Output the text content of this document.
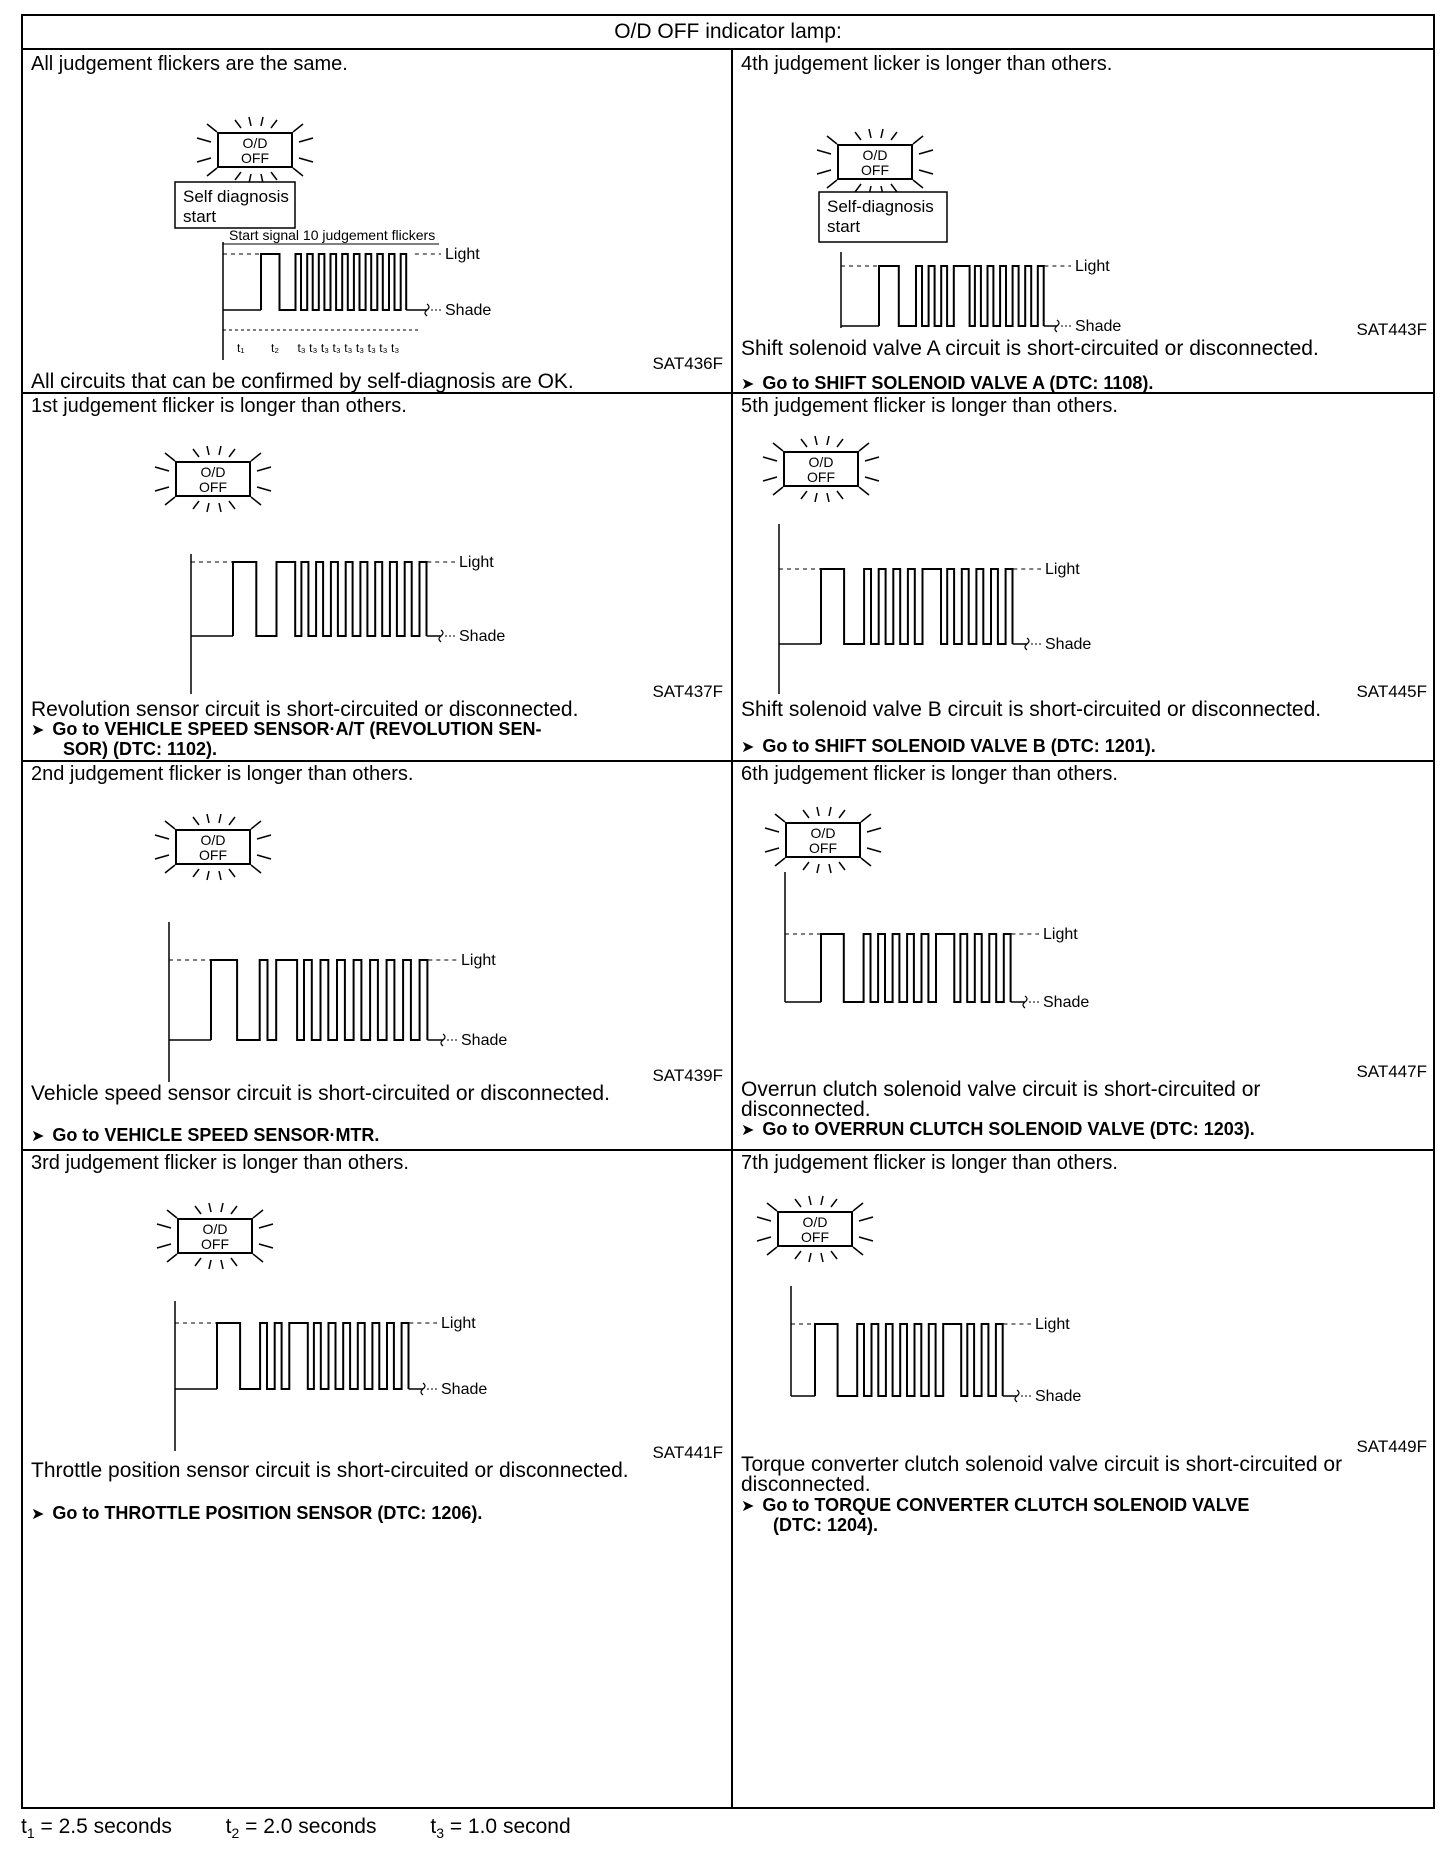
O/D OFF indicator lamp:
All judgement flickers are the same.
O/D
OFF
Self diagnosis
start
Light
Shade
Start signal 10 judgement flickers
t₁ t₂ t₃ t₃ t₃ t₃ t₃ t₃ t₃ t₃ t₃
SAT436F
All circuits that can be confirmed by self-diagnosis are OK.
4th judgement licker is longer than others.
O/D
OFF
Self-diagnosis
start
Light
Shade	SAT443F
Shift solenoid valve A circuit is short-circuited or disconnected.
➤ Go to SHIFT SOLENOID VALVE A (DTC: 1108).
1st judgement flicker is longer than others.
O/D
OFF
Light
Shade
SAT437F
Revolution sensor circuit is short-circuited or disconnected.
➤ Go to VEHICLE SPEED SENSOR·A/T (REVOLUTION SEN-
SOR) (DTC: 1102).
5th judgement flicker is longer than others.
O/D
OFF
Light
Shade
SAT445F
Shift solenoid valve B circuit is short-circuited or disconnected.
➤ Go to SHIFT SOLENOID VALVE B (DTC: 1201).
2nd judgement flicker is longer than others.
O/D
OFF
Light
Shade
SAT439F
Vehicle speed sensor circuit is short-circuited or disconnected.
➤ Go to VEHICLE SPEED SENSOR·MTR.
6th judgement flicker is longer than others.
O/D
OFF
Light
Shade
SAT447F
Overrun clutch solenoid valve circuit is short-circuited or disconnected.
➤ Go to OVERRUN CLUTCH SOLENOID VALVE (DTC: 1203).
3rd judgement flicker is longer than others.
O/D
OFF
Light
Shade
SAT441F
Throttle position sensor circuit is short-circuited or disconnected.
➤ Go to THROTTLE POSITION SENSOR (DTC: 1206).
7th judgement flicker is longer than others.
O/D
OFF
Light
Shade
SAT449F
Torque converter clutch solenoid valve circuit is short-circuited or disconnected.
➤ Go to TORQUE CONVERTER CLUTCH SOLENOID VALVE
(DTC: 1204).
$t_1 = 2.5$ seconds	$t_2 = 2.0$ seconds	$t_3 = 1.0$ second
